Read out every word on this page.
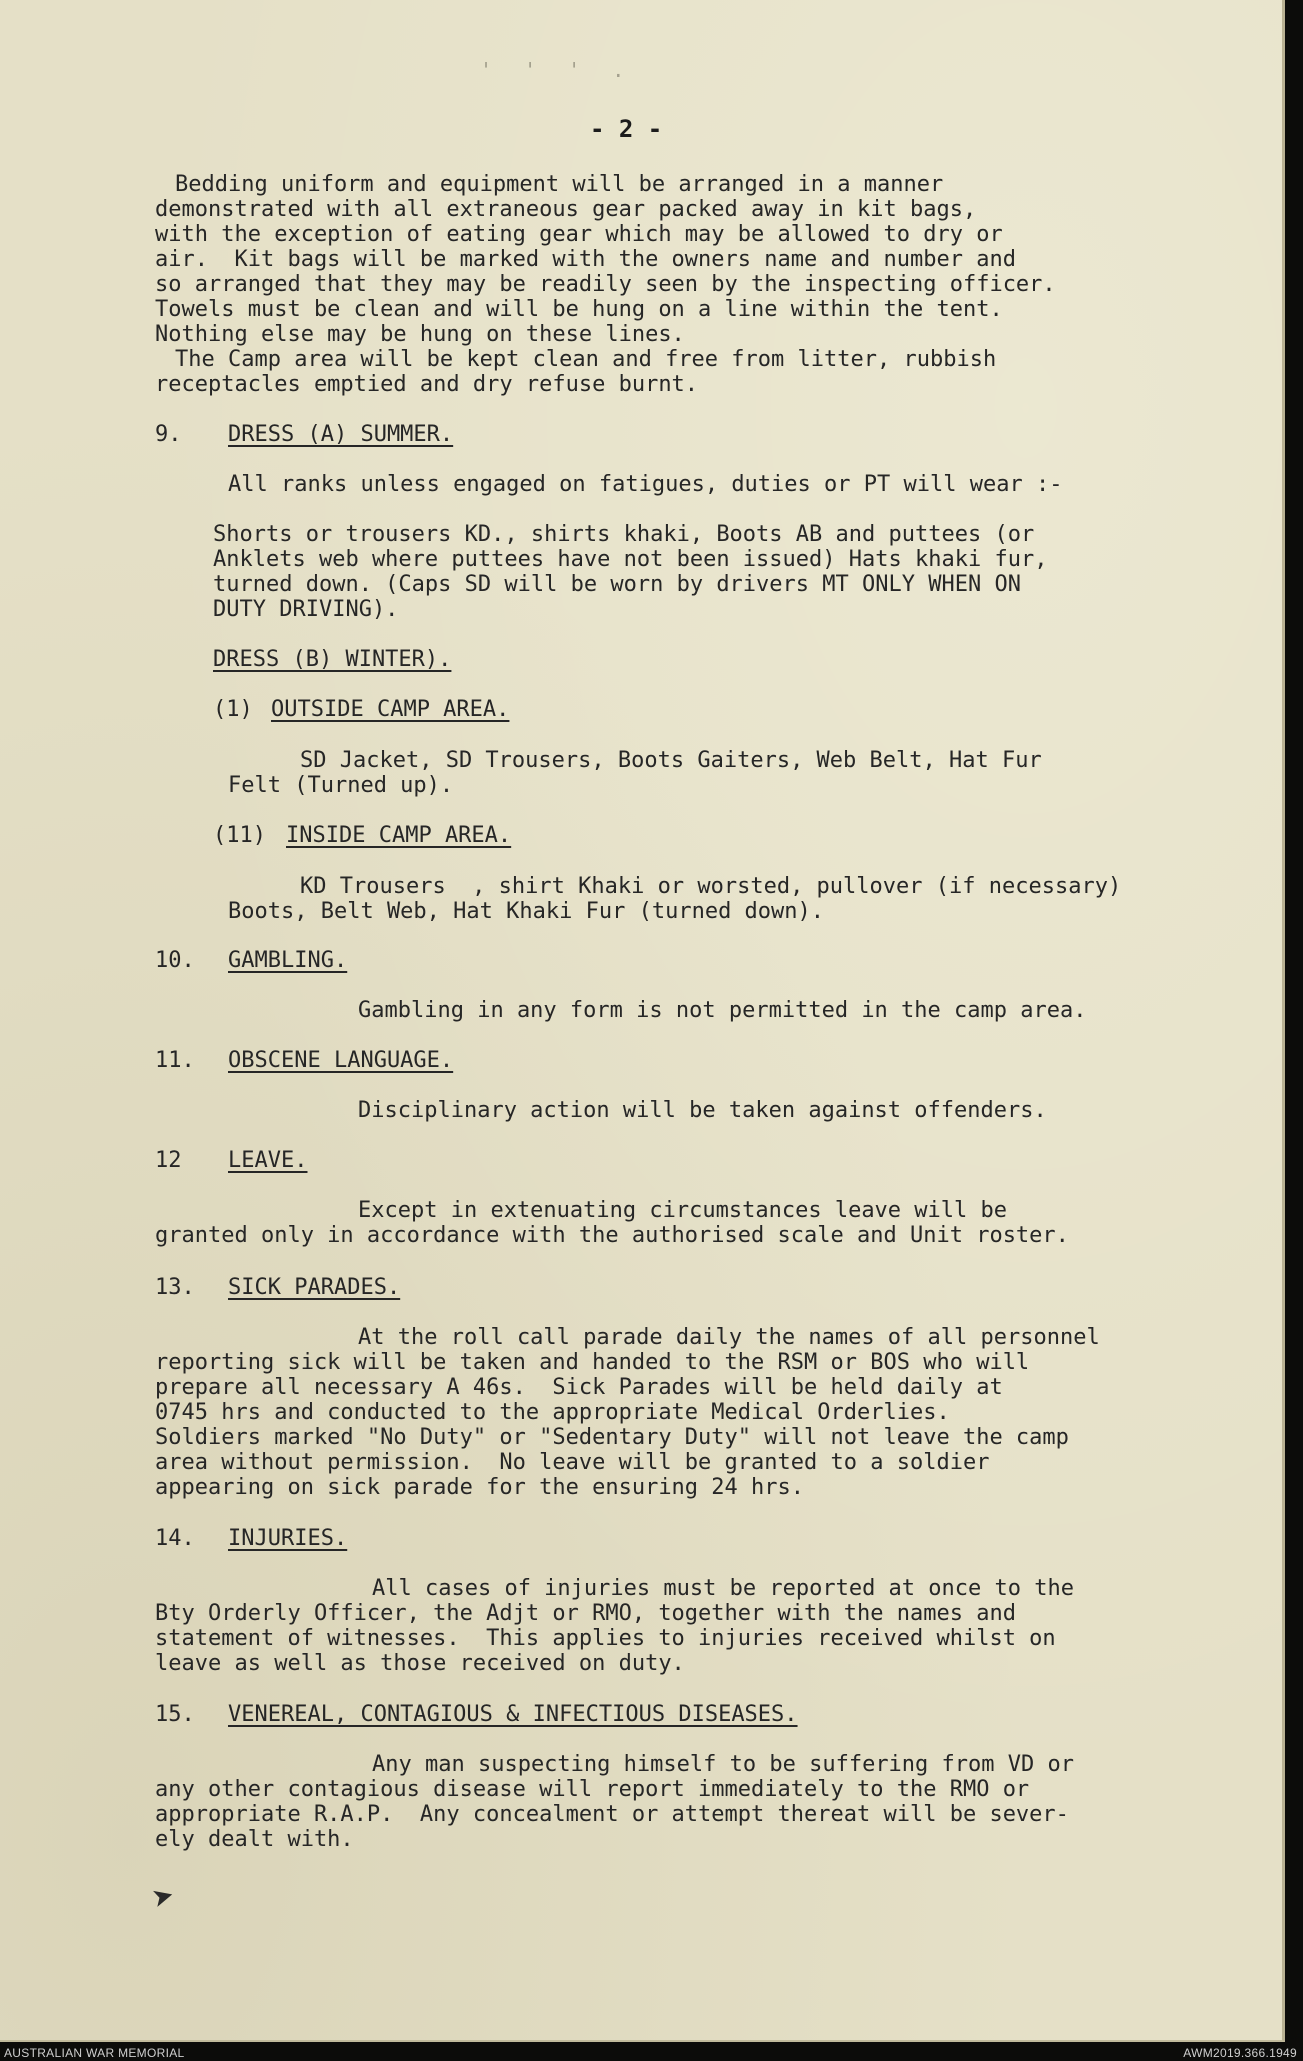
' ' ' .
- 2 -
Bedding uniform and equipment will be arranged in a manner
demonstrated with all extraneous gear packed away in kit bags,
with the exception of eating gear which may be allowed to dry or
air.  Kit bags will be marked with the owners name and number and
so arranged that they may be readily seen by the inspecting officer.
Towels must be clean and will be hung on a line within the tent.
Nothing else may be hung on these lines.
The Camp area will be kept clean and free from litter, rubbish
receptacles emptied and dry refuse burnt.
9. DRESS (A) SUMMER.
All ranks unless engaged on fatigues, duties or PT will wear :-
Shorts or trousers KD., shirts khaki, Boots AB and puttees (or
Anklets web where puttees have not been issued) Hats khaki fur,
turned down. (Caps SD will be worn by drivers MT ONLY WHEN ON
DUTY DRIVING).
DRESS (B) WINTER).
(1) OUTSIDE CAMP AREA.
SD Jacket, SD Trousers, Boots Gaiters, Web Belt, Hat Fur
Felt (Turned up).
(11) INSIDE CAMP AREA.
KD Trousers  , shirt Khaki or worsted, pullover (if necessary)
Boots, Belt Web, Hat Khaki Fur (turned down).
10. GAMBLING.
Gambling in any form is not permitted in the camp area.
11. OBSCENE LANGUAGE.
Disciplinary action will be taken against offenders.
12 LEAVE.
Except in extenuating circumstances leave will be
granted only in accordance with the authorised scale and Unit roster.
13. SICK PARADES.
At the roll call parade daily the names of all personnel
reporting sick will be taken and handed to the RSM or BOS who will
prepare all necessary A 46s.  Sick Parades will be held daily at
0745 hrs and conducted to the appropriate Medical Orderlies.
Soldiers marked "No Duty" or "Sedentary Duty" will not leave the camp
area without permission.  No leave will be granted to a soldier
appearing on sick parade for the ensuring 24 hrs.
14. INJURIES.
All cases of injuries must be reported at once to the
Bty Orderly Officer, the Adjt or RMO, together with the names and
statement of witnesses.  This applies to injuries received whilst on
leave as well as those received on duty.
15. VENEREAL, CONTAGIOUS & INFECTIOUS DISEASES.
Any man suspecting himself to be suffering from VD or
any other contagious disease will report immediately to the RMO or
appropriate R.A.P.  Any concealment or attempt thereat will be sever-
ely dealt with.
➤
AUSTRALIAN WAR MEMORIAL	AWM2019.366.1949
